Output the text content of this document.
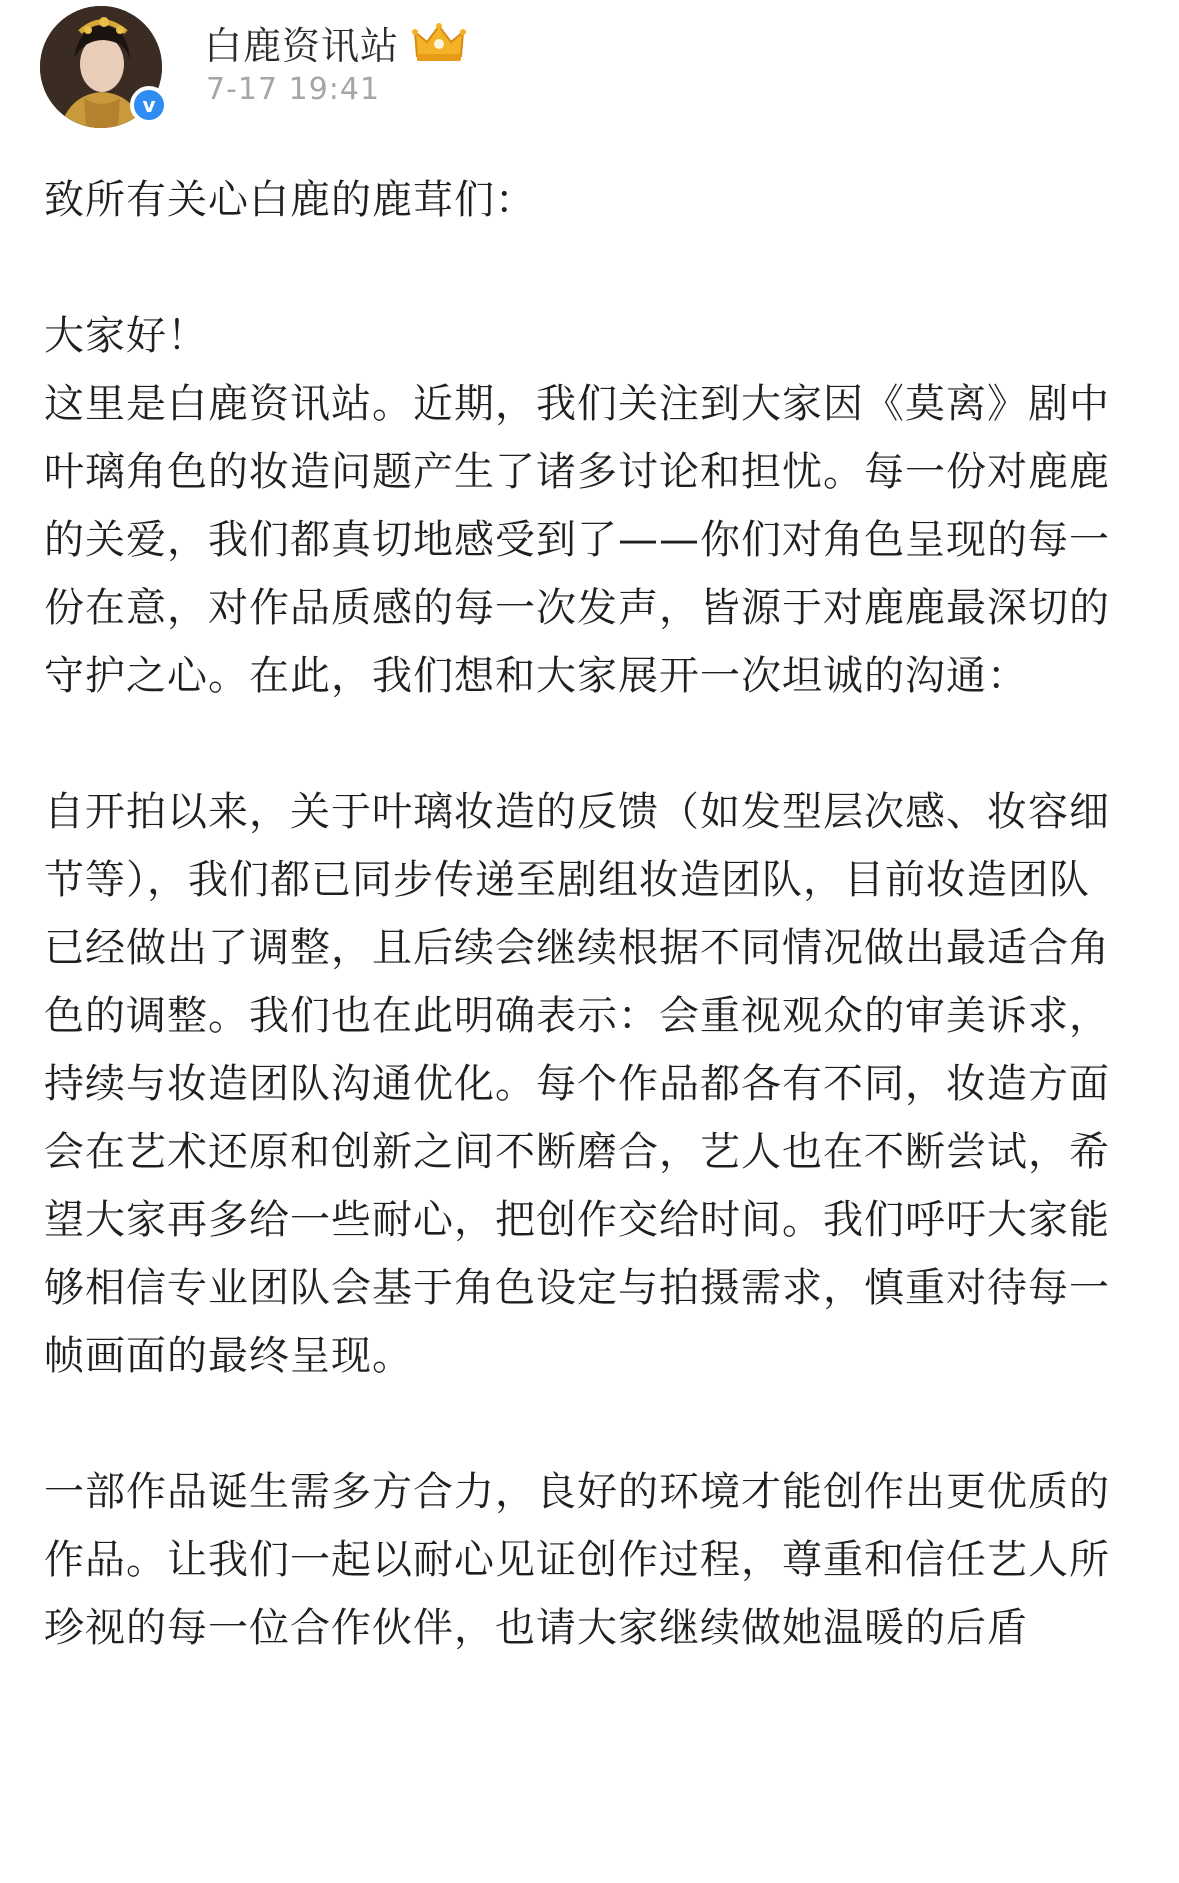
v
白鹿资讯站
7-17 19:41

致所有关心白鹿的鹿茸们：

大家好！
这里是白鹿资讯站。近期，我们关注到大家因《莫离》剧中叶璃角色的妆造问题产生了诸多讨论和担忧。每一份对鹿鹿的关爱，我们都真切地感受到了——你们对角色呈现的每一份在意，对作品质感的每一次发声，皆源于对鹿鹿最深切的守护之心。在此，我们想和大家展开一次坦诚的沟通：

自开拍以来，关于叶璃妆造的反馈（如发型层次感、妆容细节等），我们都已同步传递至剧组妆造团队，目前妆造团队已经做出了调整，且后续会继续根据不同情况做出最适合角色的调整。我们也在此明确表示：会重视观众的审美诉求，持续与妆造团队沟通优化。每个作品都各有不同，妆造方面会在艺术还原和创新之间不断磨合，艺人也在不断尝试，希望大家再多给一些耐心，把创作交给时间。我们呼吁大家能够相信专业团队会基于角色设定与拍摄需求，慎重对待每一帧画面的最终呈现。

一部作品诞生需多方合力，良好的环境才能创作出更优质的作品。让我们一起以耐心见证创作过程，尊重和信任艺人所珍视的每一位合作伙伴，也请大家继续做她温暖的后盾
